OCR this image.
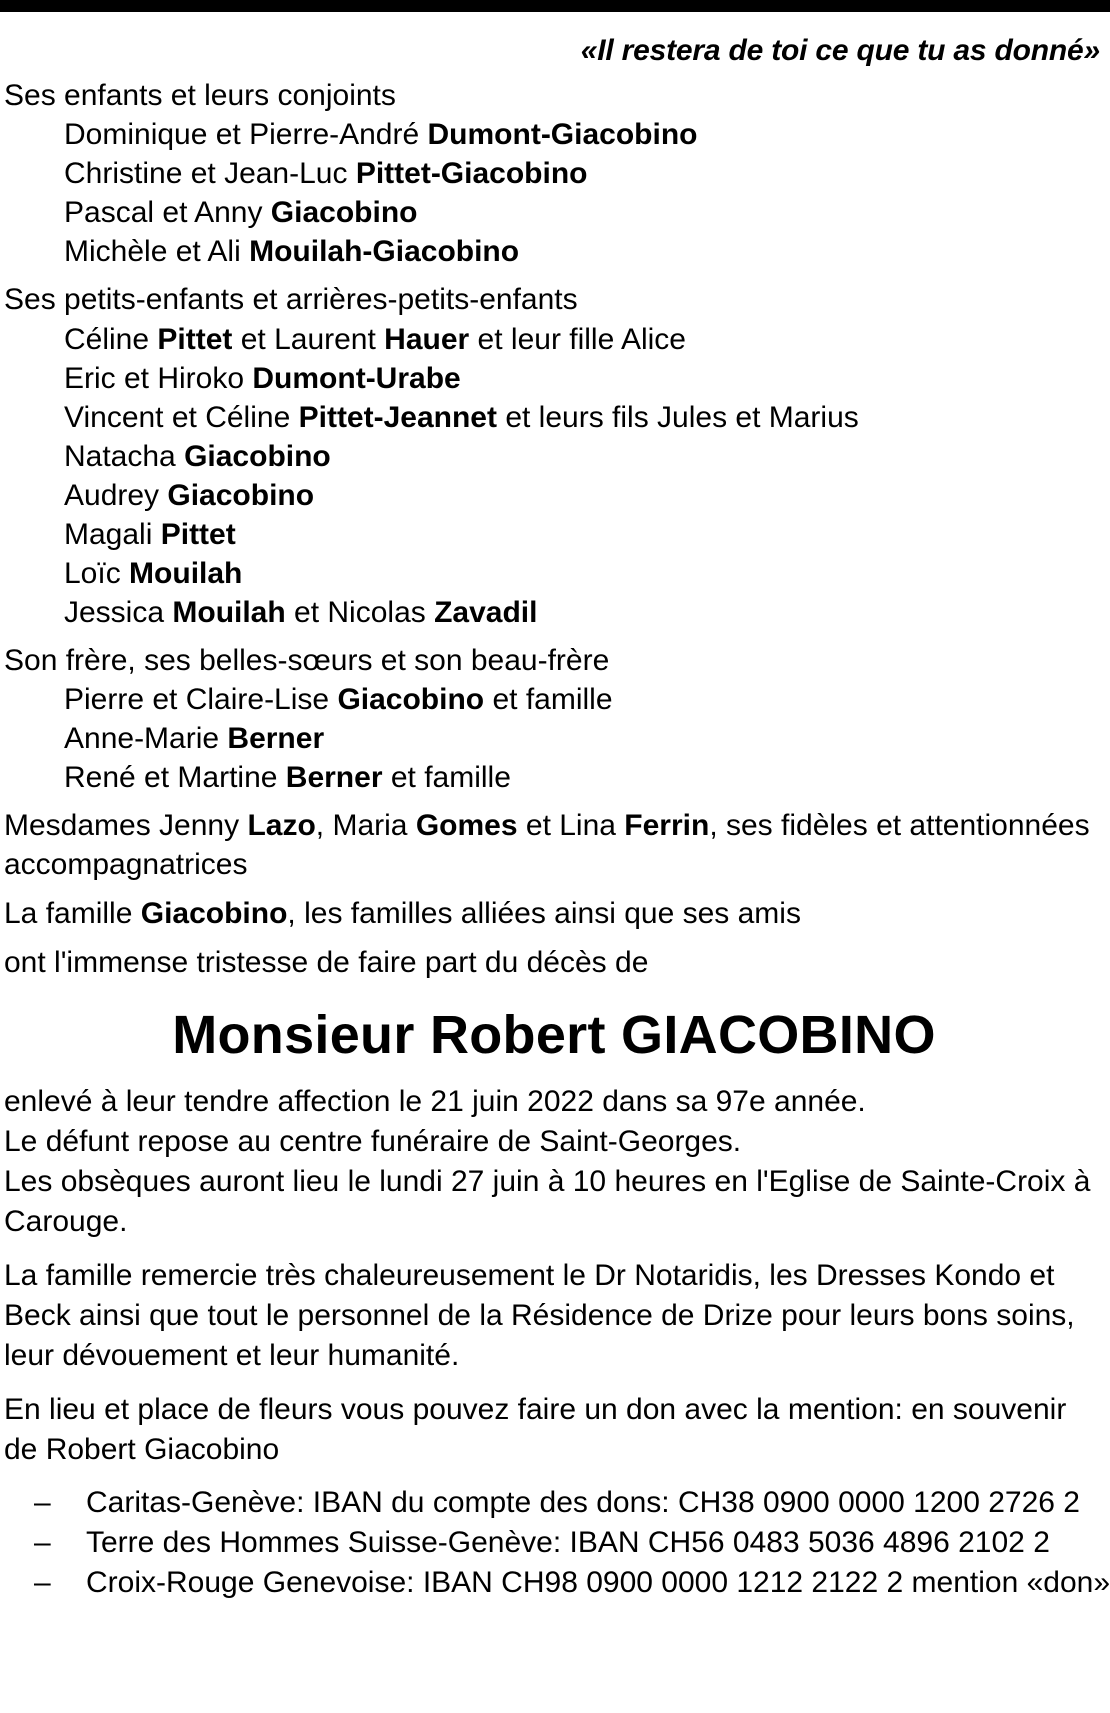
«Il restera de toi ce que tu as donné»
Ses enfants et leurs conjoints
Dominique et Pierre-André Dumont-Giacobino
Christine et Jean-Luc Pittet-Giacobino
Pascal et Anny Giacobino
Michèle et Ali Mouilah-Giacobino
Ses petits-enfants et arrières-petits-enfants
Céline Pittet et Laurent Hauer et leur fille Alice
Eric et Hiroko Dumont-Urabe
Vincent et Céline Pittet-Jeannet et leurs fils Jules et Marius
Natacha Giacobino
Audrey Giacobino
Magali Pittet
Loïc Mouilah
Jessica Mouilah et Nicolas Zavadil
Son frère, ses belles-sœurs et son beau-frère
Pierre et Claire-Lise Giacobino et famille
Anne-Marie Berner
René et Martine Berner et famille
Mesdames Jenny Lazo, Maria Gomes et Lina Ferrin, ses fidèles et attentionnées accompagnatrices
La famille Giacobino, les familles alliées ainsi que ses amis
ont l'immense tristesse de faire part du décès de
Monsieur Robert GIACOBINO
enlevé à leur tendre affection le 21 juin 2022 dans sa 97e année.
Le défunt repose au centre funéraire de Saint-Georges.
Les obsèques auront lieu le lundi 27 juin à 10 heures en l'Eglise de Sainte-Croix à Carouge.
La famille remercie très chaleureusement le Dr Notaridis, les Dresses Kondo et Beck ainsi que tout le personnel de la Résidence de Drize pour leurs bons soins, leur dévouement et leur humanité.
En lieu et place de fleurs vous pouvez faire un don avec la mention: en souvenir de Robert Giacobino
– Caritas-Genève: IBAN du compte des dons: CH38 0900 0000 1200 2726 2
– Terre des Hommes Suisse-Genève: IBAN CH56 0483 5036 4896 2102 2
– Croix-Rouge Genevoise: IBAN CH98 0900 0000 1212 2122 2 mention «don»
